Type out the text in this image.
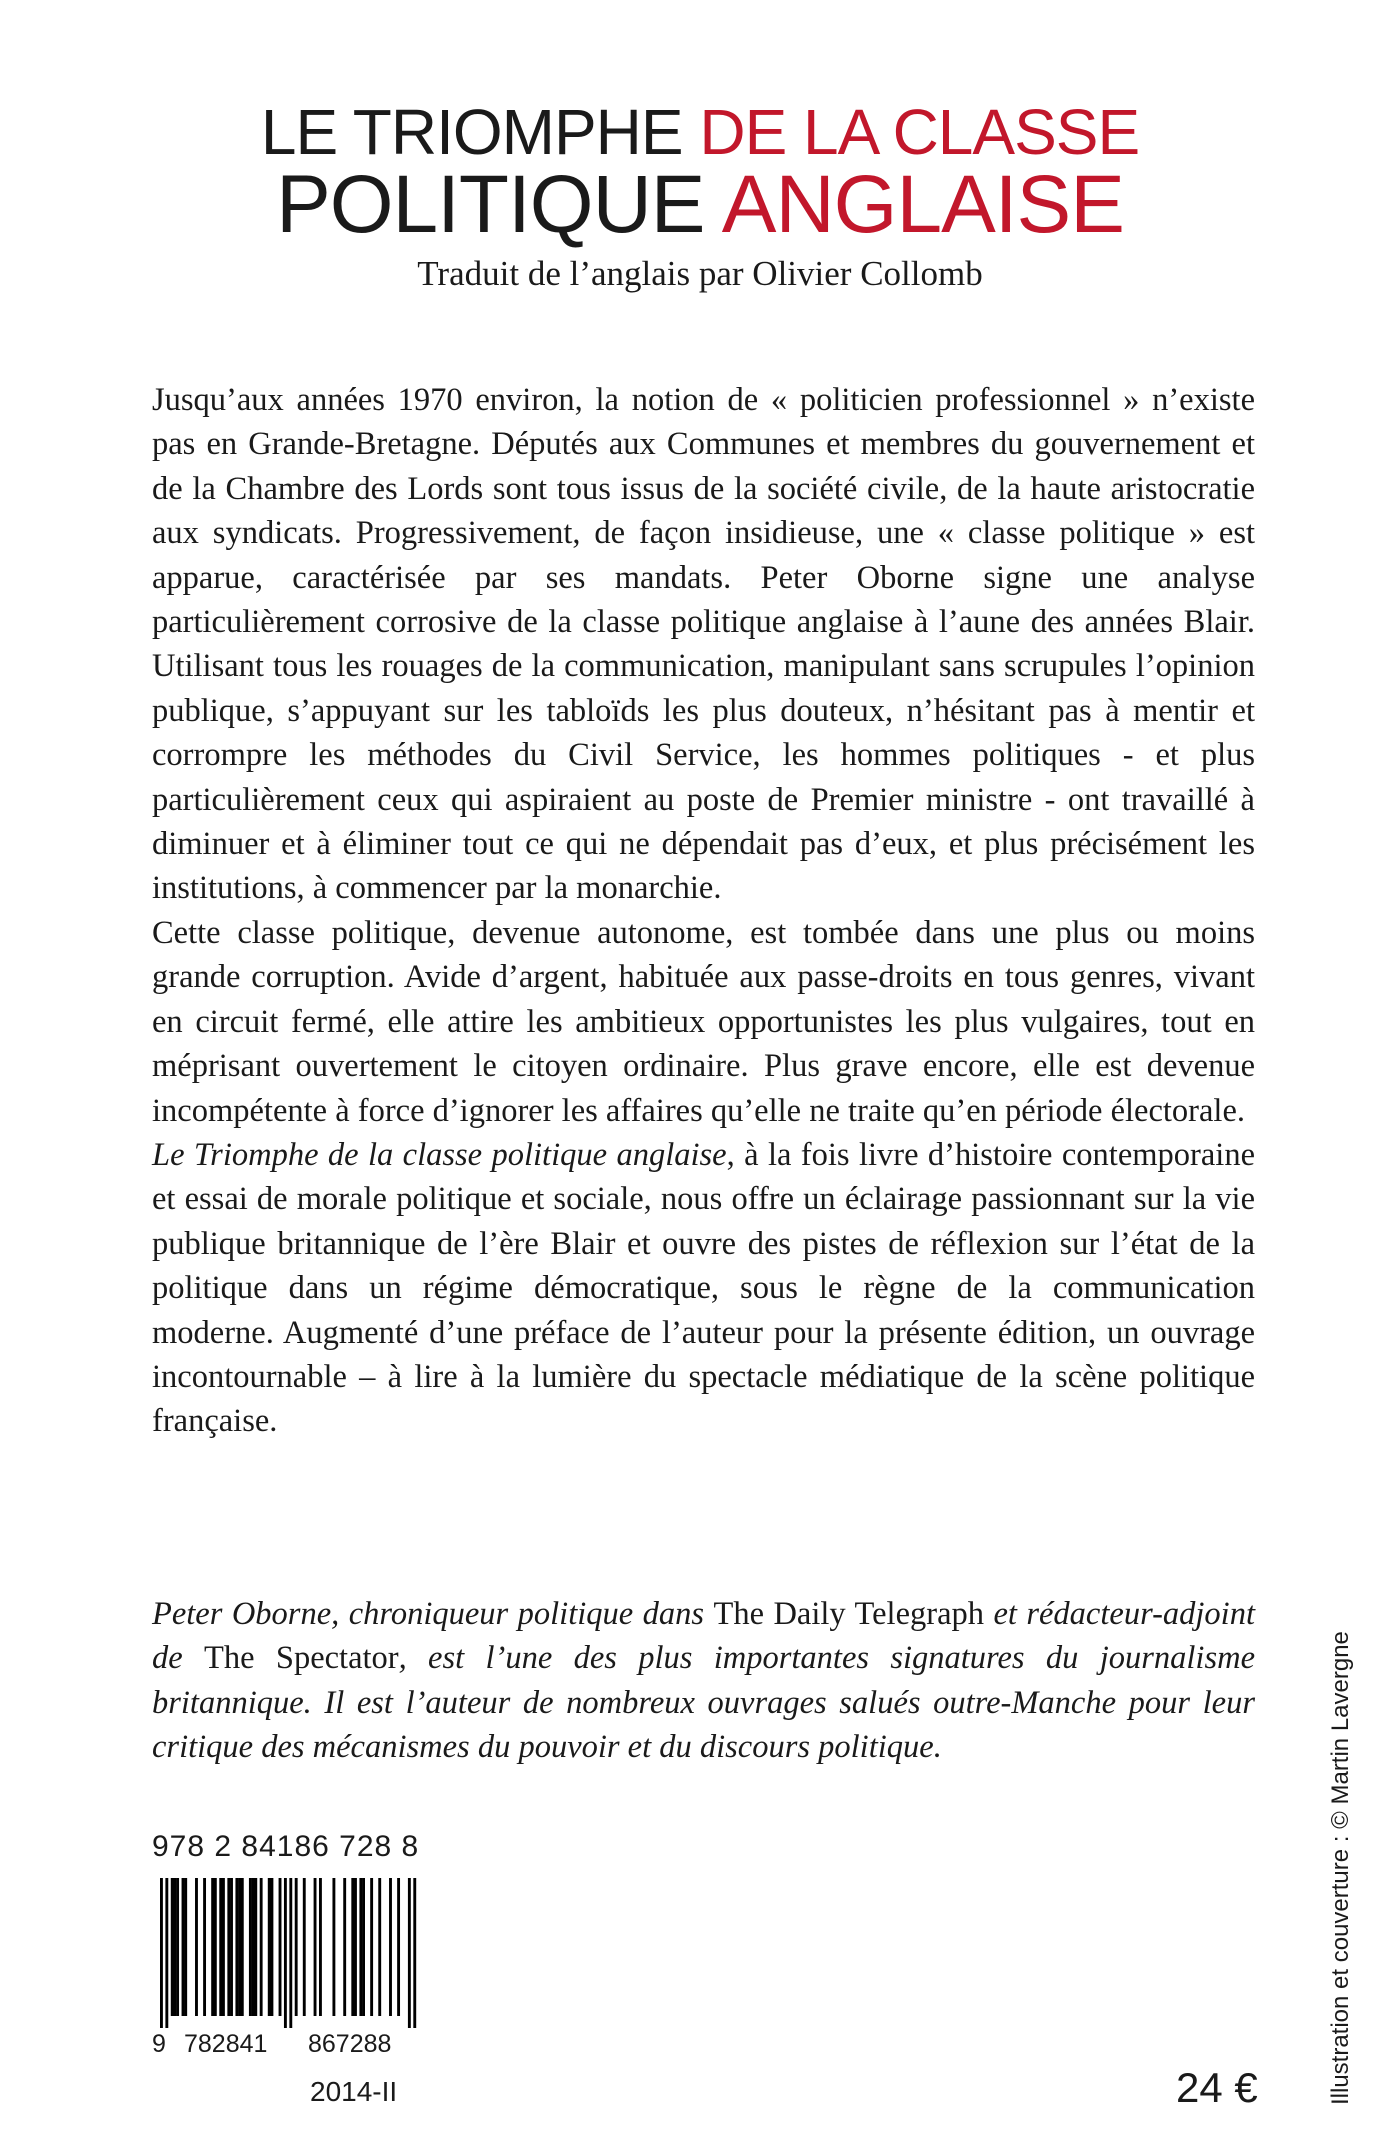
LE TRIOMPHE DE LA CLASSE
POLITIQUE ANGLAISE
Traduit de l’anglais par Olivier Collomb

Jusqu’aux années 1970 environ, la notion de « politicien professionnel » n’existe pas en Grande-Bretagne. Députés aux Communes et membres du gouvernement et de la Chambre des Lords sont tous issus de la société civile, de la haute aristocratie aux syndicats. Progressivement, de façon insidieuse, une « classe politique » est apparue, caractérisée par ses mandats. Peter Oborne signe une analyse particulièrement corrosive de la classe politique anglaise à l’aune des années Blair. Utilisant tous les rouages de la communication, manipulant sans scrupules l’opinion publique, s’appuyant sur les tabloïds les plus douteux, n’hésitant pas à mentir et corrompre les méthodes du Civil Service, les hommes politiques - et plus particulièrement ceux qui aspiraient au poste de Premier ministre - ont travaillé à diminuer et à éliminer tout ce qui ne dépendait pas d’eux, et plus précisément les institutions, à commencer par la monarchie.

Cette classe politique, devenue autonome, est tombée dans une plus ou moins grande corruption. Avide d’argent, habituée aux passe-droits en tous genres, vivant en circuit fermé, elle attire les ambitieux opportunistes les plus vulgaires, tout en méprisant ouvertement le citoyen ordinaire. Plus grave encore, elle est devenue incompétente à force d’ignorer les affaires qu’elle ne traite qu’en période électorale.

Le Triomphe de la classe politique anglaise, à la fois livre d’histoire contemporaine et essai de morale politique et sociale, nous offre un éclairage passionnant sur la vie publique britannique de l’ère Blair et ouvre des pistes de réflexion sur l’état de la politique dans un régime démocratique, sous le règne de la communication moderne. Augmenté d’une préface de l’auteur pour la présente édition, un ouvrage incontournable – à lire à la lumière du spectacle médiatique de la scène politique française.

Peter Oborne, chroniqueur politique dans The Daily Telegraph et rédacteur-adjoint de The Spectator, est l’une des plus importantes signatures du journalisme britannique. Il est l’auteur de nombreux ouvrages salués outre-Manche pour leur critique des mécanismes du pouvoir et du discours politique.
978 2 84186 728 8
9 782841 867288
2014-II	24 €	Illustration et couverture : © Martin Lavergne
